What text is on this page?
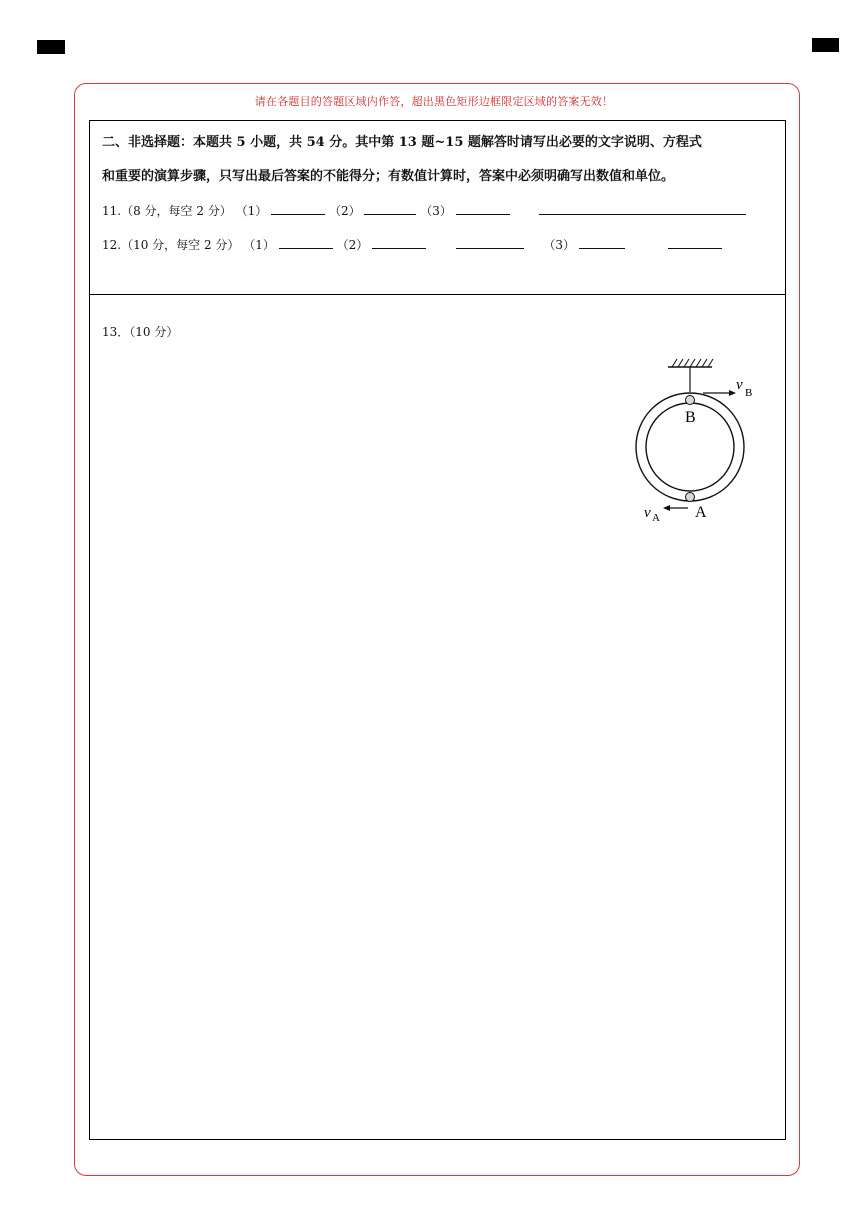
请在各题目的答题区域内作答，超出黑色矩形边框限定区域的答案无效！
二、非选择题：本题共 5 小题，共 54 分。其中第 13 题~15 题解答时请写出必要的文字说明、方程式
和重要的演算步骤，只写出最后答案的不能得分；有数值计算时，答案中必须明确写出数值和单位。
11.（8 分，每空 2 分） （1）	（2）	（3）
12.（10 分，每空 2 分） （1）	（2）	（3）
13．（10 分）
v B
B
v A A
